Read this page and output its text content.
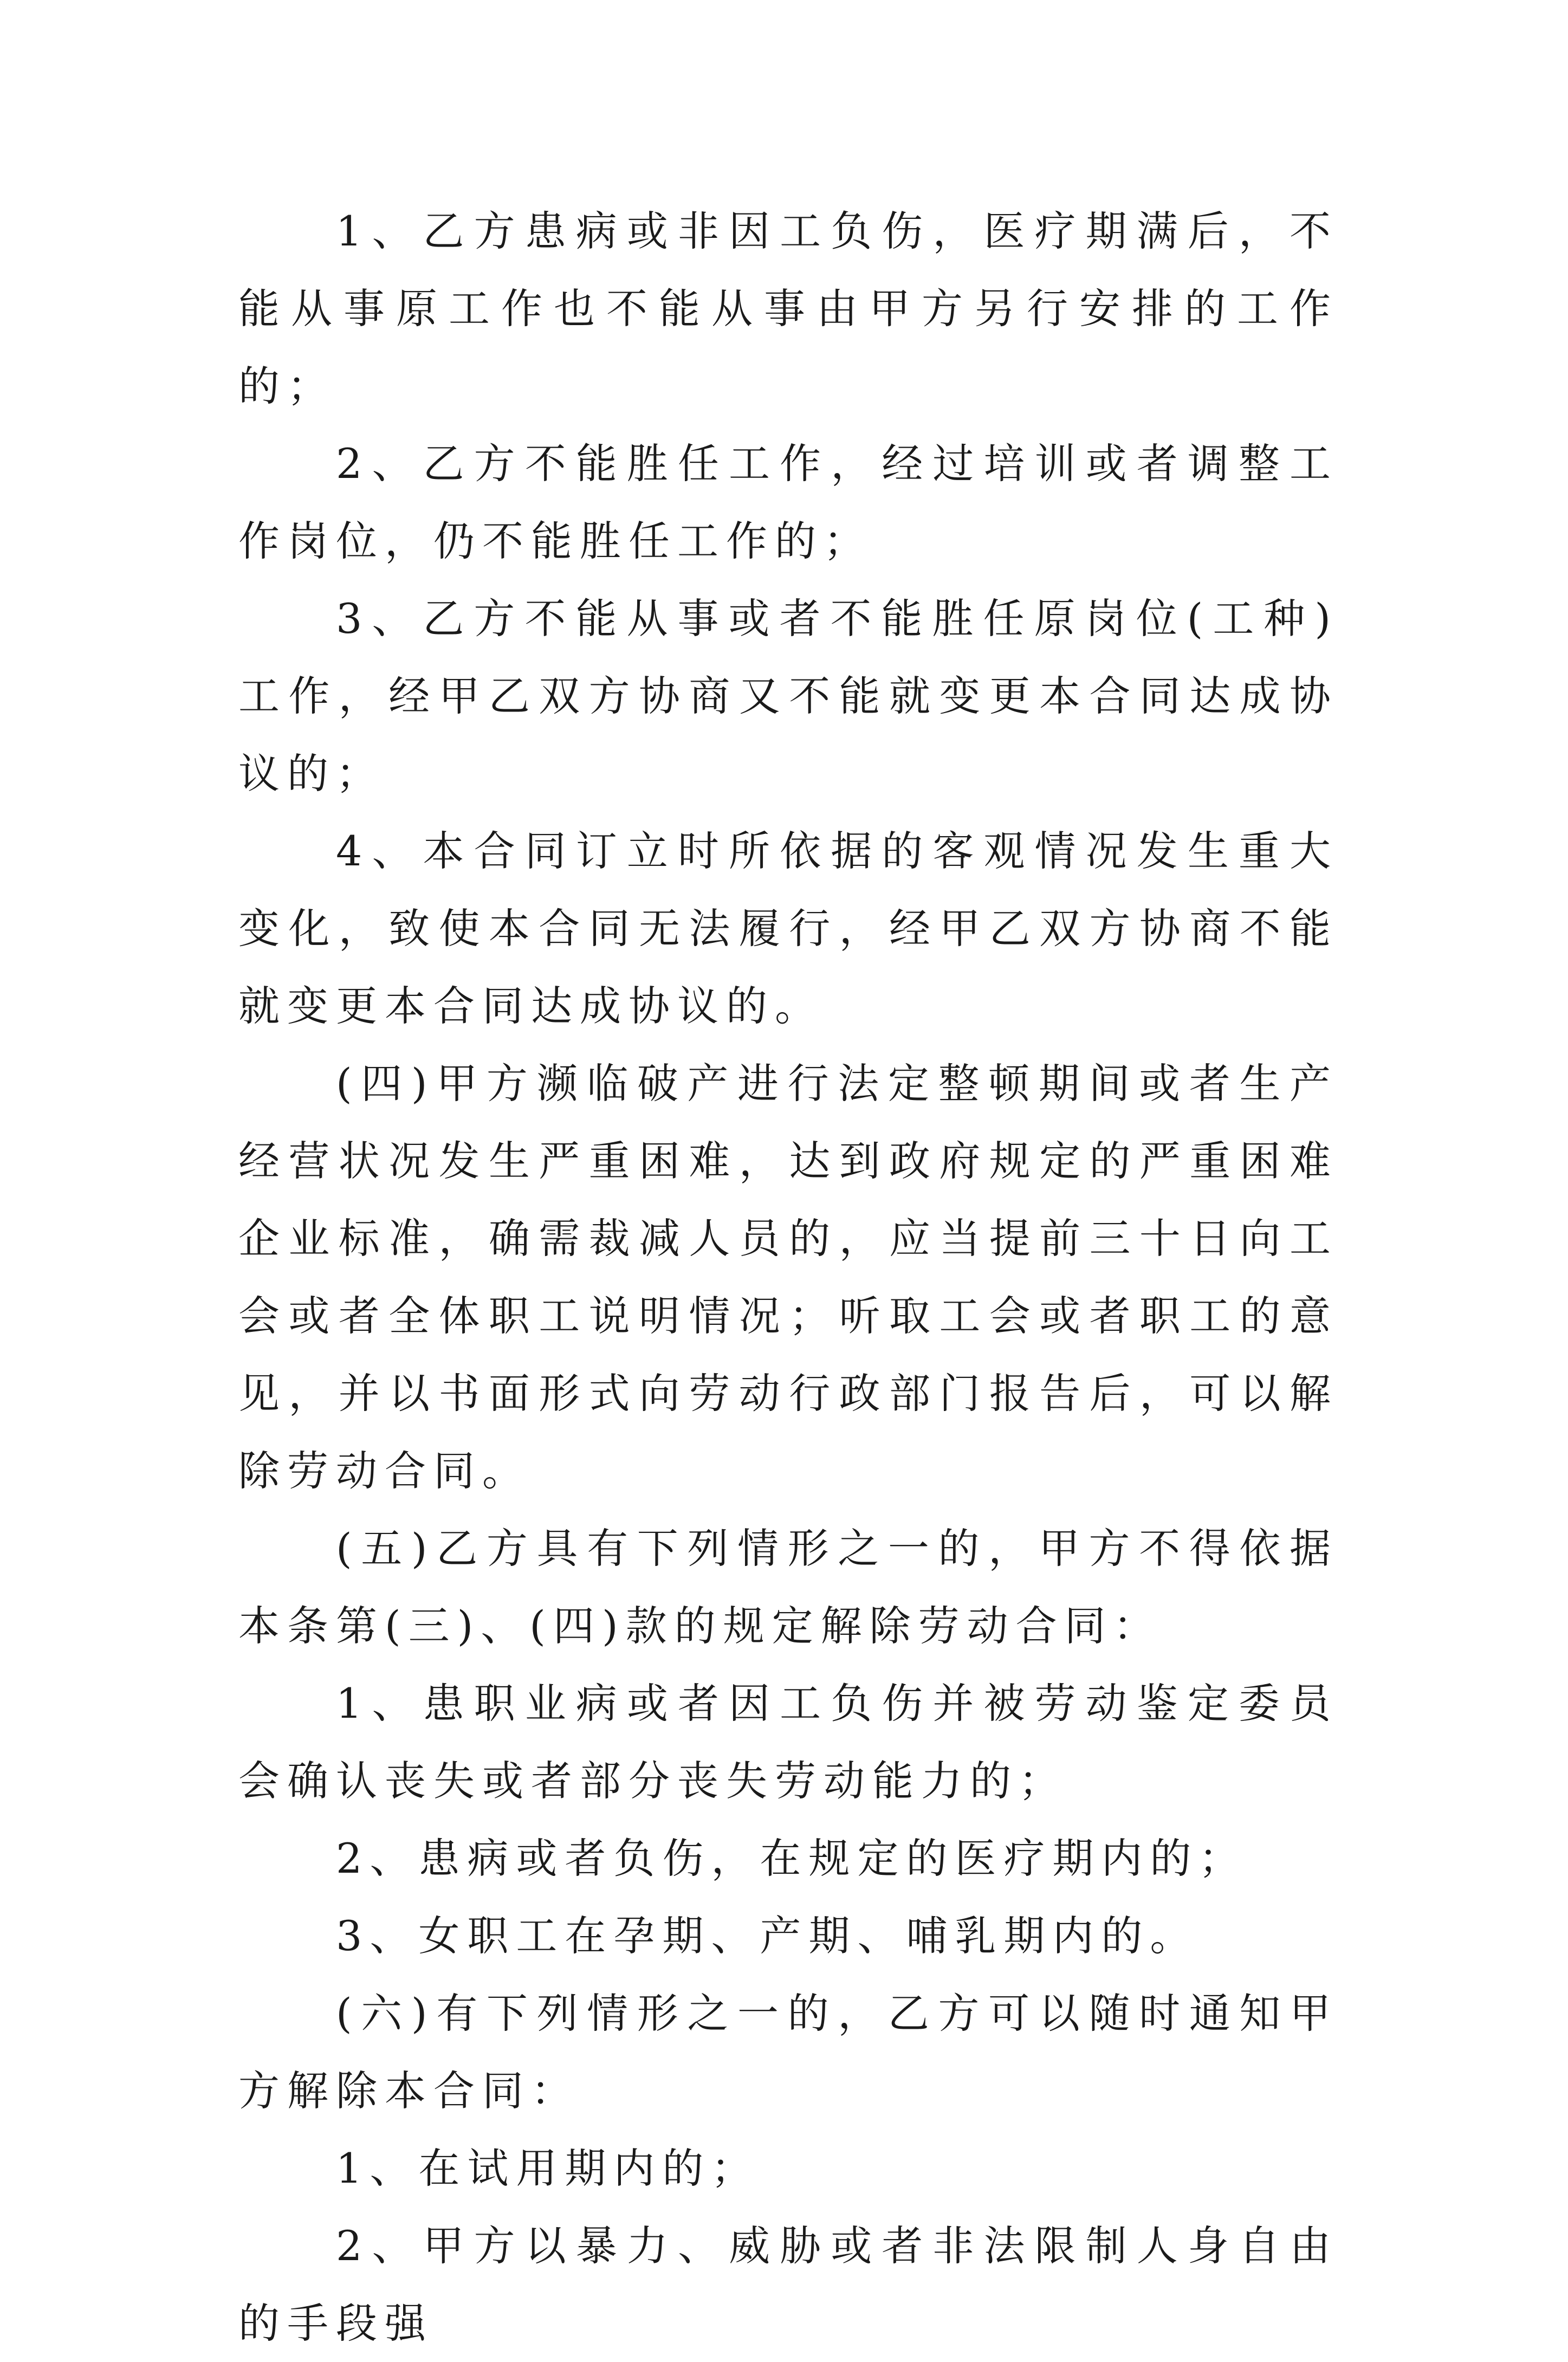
1、乙方患病或非因工负伤，医疗期满后，不能从事原工作也不能从事由甲方另行安排的工作的；

2、乙方不能胜任工作，经过培训或者调整工作岗位，仍不能胜任工作的；

3、乙方不能从事或者不能胜任原岗位(工种)工作，经甲乙双方协商又不能就变更本合同达成协议的；

4、本合同订立时所依据的客观情况发生重大变化，致使本合同无法履行，经甲乙双方协商不能就变更本合同达成协议的。

(四)甲方濒临破产进行法定整顿期间或者生产经营状况发生严重困难，达到政府规定的严重困难企业标准，确需裁减人员的，应当提前三十日向工会或者全体职工说明情况；听取工会或者职工的意见，并以书面形式向劳动行政部门报告后，可以解除劳动合同。

(五)乙方具有下列情形之一的，甲方不得依据本条第(三)、(四)款的规定解除劳动合同：

1、患职业病或者因工负伤并被劳动鉴定委员会确认丧失或者部分丧失劳动能力的；

2、患病或者负伤，在规定的医疗期内的；

3、女职工在孕期、产期、哺乳期内的。

(六)有下列情形之一的，乙方可以随时通知甲方解除本合同：

1、在试用期内的；

2、甲方以暴力、威胁或者非法限制人身自由的手段强
